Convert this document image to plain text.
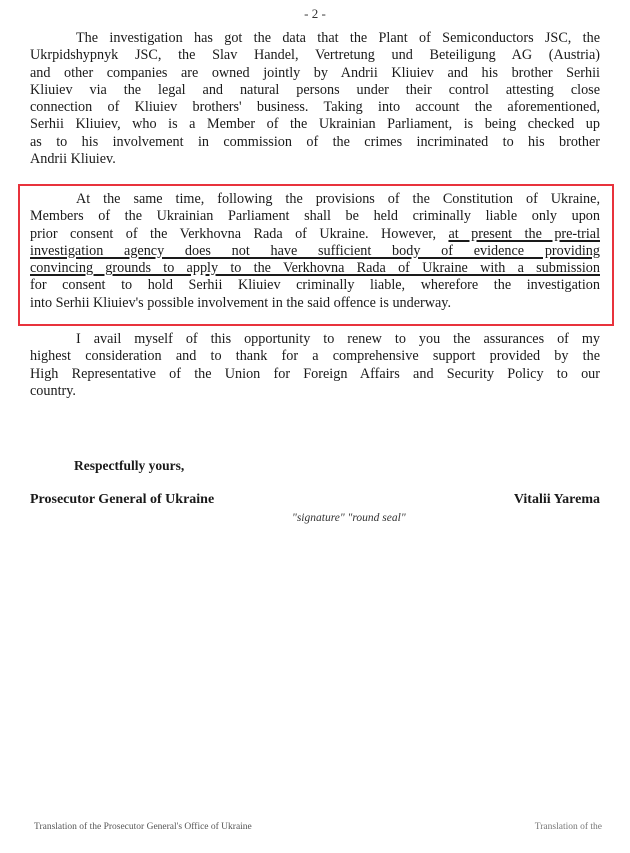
- 2 -
The investigation has got the data that the Plant of Semiconductors JSC, the
Ukrpidshypnyk JSC, the Slav Handel, Vertretung und Beteiligung AG (Austria)
and other companies are owned jointly by Andrii Kliuiev and his brother Serhii
Kliuiev via the legal and natural persons under their control attesting close
connection of Kliuiev brothers' business. Taking into account the aforementioned,
Serhii Kliuiev, who is a Member of the Ukrainian Parliament, is being checked up
as to his involvement in commission of the crimes incriminated to his brother
Andrii Kliuiev.
At the same time, following the provisions of the Constitution of Ukraine,
Members of the Ukrainian Parliament shall be held criminally liable only upon
prior consent of the Verkhovna Rada of Ukraine. However, at present the pre-trial
investigation agency does not have sufficient body of evidence providing
convincing grounds to apply to the Verkhovna Rada of Ukraine with a submission
for consent to hold Serhii Kliuiev criminally liable, wherefore the investigation
into Serhii Kliuiev's possible involvement in the said offence is underway.
I avail myself of this opportunity to renew to you the assurances of my
highest consideration and to thank for a comprehensive support provided by the
High Representative of the Union for Foreign Affairs and Security Policy to our
country.
Respectfully yours,
Prosecutor General of Ukraine	Vitalii Yarema
"signature" "round seal"
Translation of the Prosecutor General's Office of Ukraine	Translation of the
